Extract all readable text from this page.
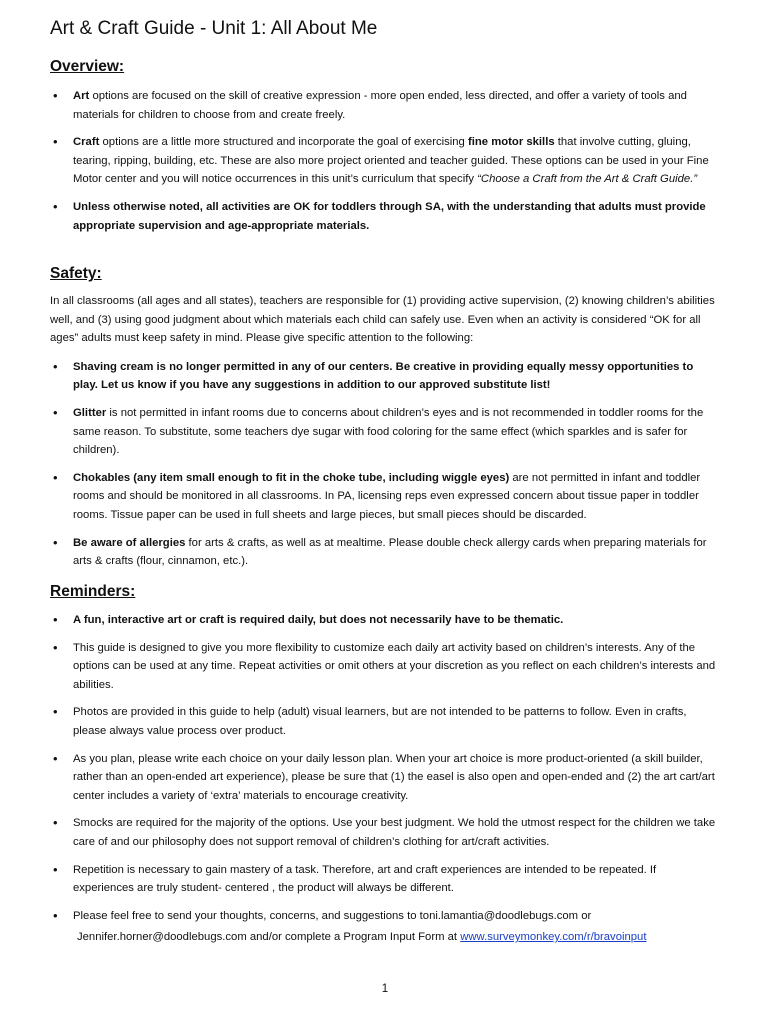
Art & Craft Guide - Unit 1: All About Me
Overview:
• Art options are focused on the skill of creative expression - more open ended, less directed, and offer a variety of tools and materials for children to choose from and create freely.
• Craft options are a little more structured and incorporate the goal of exercising fine motor skills that involve cutting, gluing, tearing, ripping, building, etc. These are also more project oriented and teacher guided. These options can be used in your Fine Motor center and you will notice occurrences in this unit’s curriculum that specify “Choose a Craft from the Art & Craft Guide.”
• Unless otherwise noted, all activities are OK for toddlers through SA, with the understanding that adults must provide appropriate supervision and age-appropriate materials.
Safety:

In all classrooms (all ages and all states), teachers are responsible for (1) providing active supervision, (2) knowing children’s abilities well, and (3) using good judgment about which materials each child can safely use. Even when an activity is considered “OK for all ages” adults must keep safety in mind. Please give specific attention to the following:

• Shaving cream is no longer permitted in any of our centers. Be creative in providing equally messy opportunities to play. Let us know if you have any suggestions in addition to our approved substitute list!
• Glitter is not permitted in infant rooms due to concerns about children’s eyes and is not recommended in toddler rooms for the same reason. To substitute, some teachers dye sugar with food coloring for the same effect (which sparkles and is safer for children).
• Chokables (any item small enough to fit in the choke tube, including wiggle eyes) are not permitted in infant and toddler rooms and should be monitored in all classrooms. In PA, licensing reps even expressed concern about tissue paper in toddler rooms. Tissue paper can be used in full sheets and large pieces, but small pieces should be discarded.
• Be aware of allergies for arts & crafts, as well as at mealtime. Please double check allergy cards when preparing materials for arts & crafts (flour, cinnamon, etc.).
Reminders:
• A fun, interactive art or craft is required daily, but does not necessarily have to be thematic.
• This guide is designed to give you more flexibility to customize each daily art activity based on children’s interests. Any of the options can be used at any time. Repeat activities or omit others at your discretion as you reflect on each children’s interests and abilities.
• Photos are provided in this guide to help (adult) visual learners, but are not intended to be patterns to follow. Even in crafts, please always value process over product.
• As you plan, please write each choice on your daily lesson plan. When your art choice is more product-oriented (a skill builder, rather than an open-ended art experience), please be sure that (1) the easel is also open and open-ended and (2) the art cart/art center includes a variety of ‘extra’ materials to encourage creativity.
• Smocks are required for the majority of the options. Use your best judgment. We hold the utmost respect for the children we take care of and our philosophy does not support removal of children’s clothing for art/craft activities.
• Repetition is necessary to gain mastery of a task. Therefore, art and craft experiences are intended to be repeated. If experiences are truly student- centered , the product will always be different.
• Please feel free to send your thoughts, concerns, and suggestions to toni.lamantia@doodlebugs.com or
Jennifer.horner@doodlebugs.com and/or complete a Program Input Form at www.surveymonkey.com/r/bravoinput
1
